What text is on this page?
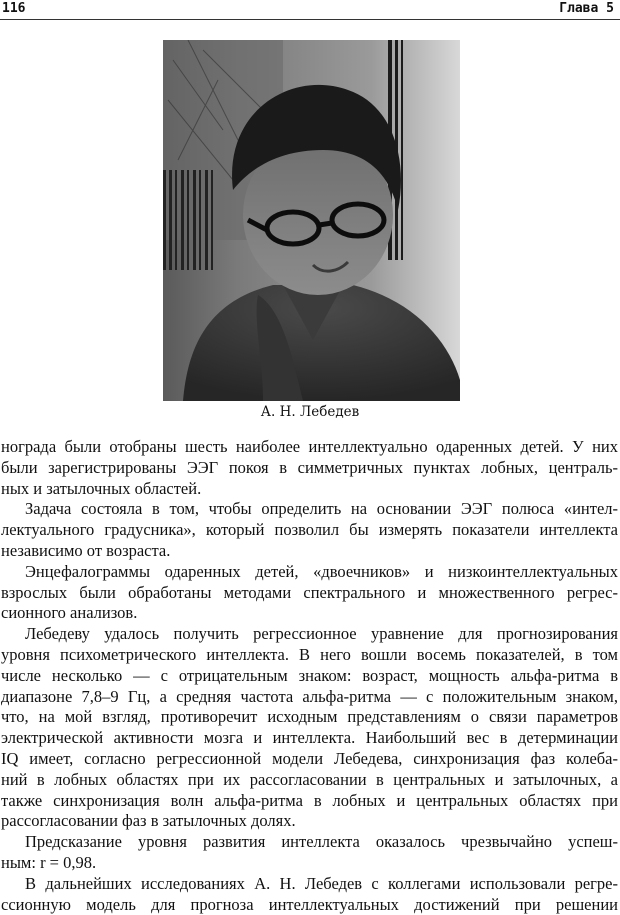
116	Глава 5
А. Н. Лебедев

нограда были отобраны шесть наиболее интеллектуально одаренных детей. У них

были зарегистрированы ЭЭГ покоя в симметричных пунктах лобных, централь-

ных и затылочных областей.

Задача состояла в том, чтобы определить на основании ЭЭГ полюса «интел-

лектуального градусника», который позволил бы измерять показатели интеллекта

независимо от возраста.

Энцефалограммы одаренных детей, «двоечников» и низкоинтеллектуальных

взрослых были обработаны методами спектрального и множественного регрес-

сионного анализов.

Лебедеву удалось получить регрессионное уравнение для прогнозирования

уровня психометрического интеллекта. В него вошли восемь показателей, в том

числе несколько — с отрицательным знаком: возраст, мощность альфа-ритма в

диапазоне 7,8–9 Гц, а средняя частота альфа-ритма — с положительным знаком,

что, на мой взгляд, противоречит исходным представлениям о связи параметров

электрической активности мозга и интеллекта. Наибольший вес в детерминации

IQ имеет, согласно регрессионной модели Лебедева, синхронизация фаз колеба-

ний в лобных областях при их рассогласовании в центральных и затылочных, а

также синхронизация волн альфа-ритма в лобных и центральных областях при

рассогласовании фаз в затылочных долях.

Предсказание уровня развития интеллекта оказалось чрезвычайно успеш-

ным: r = 0,98.

В дальнейших исследованиях А. Н. Лебедев с коллегами использовали регре-

ссионную модель для прогноза интеллектуальных достижений при решении
